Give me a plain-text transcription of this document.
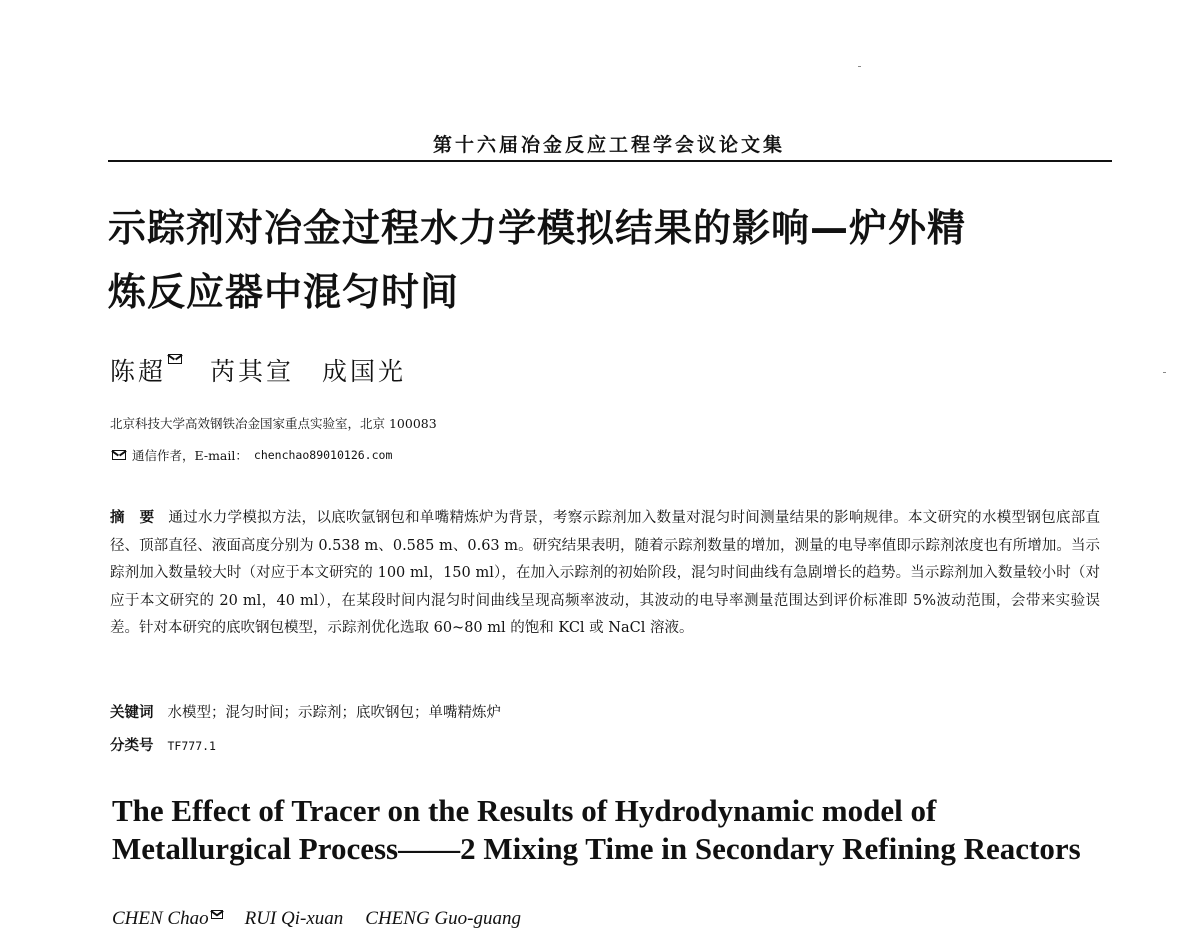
第十六届冶金反应工程学会议论文集
示踪剂对冶金过程水力学模拟结果的影响—炉外精
炼反应器中混匀时间
陈超 芮其宣 成国光
北京科技大学高效钢铁冶金国家重点实验室，北京 100083
通信作者，E-mail： chenchao89010126.com

摘　要 通过水力学模拟方法，以底吹氩钢包和单嘴精炼炉为背景，考察示踪剂加入数量对混匀时间测量结果的影响规律。本文研究的水模型钢包底部直径、顶部直径、液面高度分别为 0.538 m、0.585 m、0.63 m。研究结果表明，随着示踪剂数量的增加，测量的电导率值即示踪剂浓度也有所增加。当示踪剂加入数量较大时（对应于本文研究的 100 ml，150 ml），在加入示踪剂的初始阶段，混匀时间曲线有急剧增长的趋势。当示踪剂加入数量较小时（对应于本文研究的 20 ml，40 ml），在某段时间内混匀时间曲线呈现高频率波动，其波动的电导率测量范围达到评价标准即 5%波动范围，会带来实验误差。针对本研究的底吹钢包模型，示踪剂优化选取 60~80 ml 的饱和 KCl 或 NaCl 溶液。

关键词 水模型；混匀时间；示踪剂；底吹钢包；单嘴精炼炉
分类号 TF777.1
The Effect of Tracer on the Results of Hydrodynamic model of
Metallurgical Process——2 Mixing Time in Secondary Refining Reactors
CHEN Chao RUI Qi-xuan CHENG Guo-guang
